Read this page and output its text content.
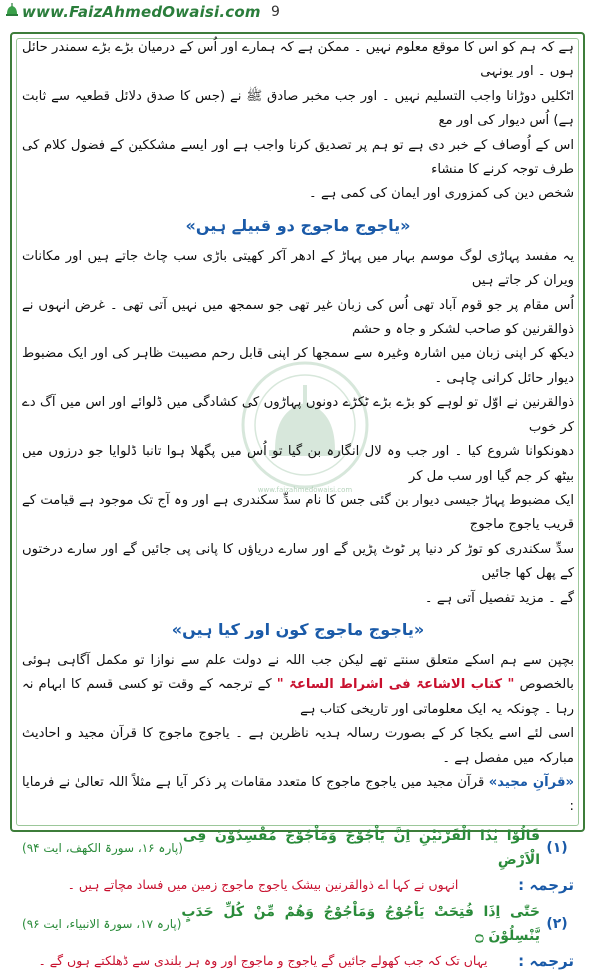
www.FaizAhmedOwaisi.com 9
www.faizahmedowaisi.com

ہے کہ ہم کو اس کا موقع معلوم نہیں ۔ ممکن ہے کہ ہمارے اور اُس کے درمیان بڑے بڑے سمندر حائل ہوں ۔ اور یونہی

اٹکلیں دوڑانا واجب التسلیم نہیں ۔ اور جب مخبر صادق ﷺ نے (جس کا صدق دلائل قطعیہ سے ثابت ہے) اُس دیوار کی اور مع

اس کے اُوصاف کے خبر دی ہے تو ہم پر تصدیق کرنا واجب ہے اور ایسے مشککین کے فضول کلام کی طرف توجہ کرنے کا منشاء

شخص دین کی کمزوری اور ایمان کی کمی ہے ۔

«یاجوج ماجوج دو قبیلے ہیں»

یہ مفسد پہاڑی لوگ موسم بہار میں پہاڑ کے ادھر آکر کھیتی باڑی سب چاٹ جاتے ہیں اور مکانات ویران کر جاتے ہیں

اُس مقام پر جو قوم آباد تھی اُس کی زبان غیر تھی جو سمجھ میں نہیں آتی تھی ۔ غرض انہوں نے ذوالقرنین کو صاحب لشکر و جاہ و حشم

دیکھ کر اپنی زبان میں اشارہ وغیرہ سے سمجھا کر اپنی قابل رحم مصیبت ظاہر کی اور ایک مضبوط دیوار حائل کرانی چاہی ۔

ذوالقرنین نے اوّل تو لوہے کو بڑے بڑے ٹکڑے دونوں پہاڑوں کی کشادگی میں ڈلوائے اور اس میں آگ دے کر خوب

دھونکوانا شروع کیا ۔ اور جب وہ لال انگارہ بن گیا تو اُس میں پگھلا ہوا تانبا ڈلوایا جو درزوں میں بیٹھ کر جم گیا اور سب مل کر

ایک مضبوط پہاڑ جیسی دیوار بن گئی جس کا نام سدِّ سکندری ہے اور وہ آج تک موجود ہے قیامت کے قریب یاجوج ماجوج

سدِّ سکندری کو توڑ کر دنیا پر ٹوٹ پڑیں گے اور سارے دریاؤں کا پانی پی جائیں گے اور سارے درختوں کے پھل کھا جائیں

گے ۔ مزید تفصیل آتی ہے ۔

«یاجوج ماجوج کون اور کیا ہیں»

بچپن سے ہم اسکے متعلق سنتے تھے لیکن جب اللہ نے دولت علم سے نوازا تو مکمل آگاہی ہوئی بالخصوص " کتاب الاشاعۃ فی اشراط الساعۃ " کے ترجمہ کے وقت تو کسی قسم کا ابہام نہ رہا ۔ چونکہ یہ ایک معلوماتی اور تاریخی کتاب ہے

اسی لئے اسے یکجا کر کے بصورت رسالہ ہدیہ ناظرین ہے ۔ یاجوج ماجوج کا قرآن مجید و احادیث مبارکہ میں مفصل ہے ۔

«قرآنِ مجید» قرآن مجید میں یاجوج ماجوج کا متعدد مقامات پر ذکر آیا ہے مثلاً اللہ تعالیٰ نے فرمایا :

(۱)
قَالُوْا یٰذَا الْقَرْنَیْنِ اِنَّ یَاْجُوْجَ وَمَاْجُوْجَ مُفْسِدُوْنَ فِی الْاَرْضِ
(پارہ ۱۶، سورۃ الکھف، ایت ۹۴)
ترجمہ :
انہوں نے کہا اے ذوالقرنین بیشک یاجوج ماجوج زمین میں فساد مچاتے ہیں ۔
(۲)
حَتّٰی اِذَا فُتِحَتْ یَاْجُوْجُ وَمَاْجُوْجُ وَهُمْ مِّنْ كُلِّ حَدَبٍ یَّنْسِلُوْنَ ۝
(پارہ ۱۷، سورۃ الانبیاء، ایت ۹۶)
ترجمہ :
یہاں تک کہ جب کھولے جائیں گے یاجوج و ماجوج اور وہ ہر بلندی سے ڈھلکتے ہوں گے ۔
